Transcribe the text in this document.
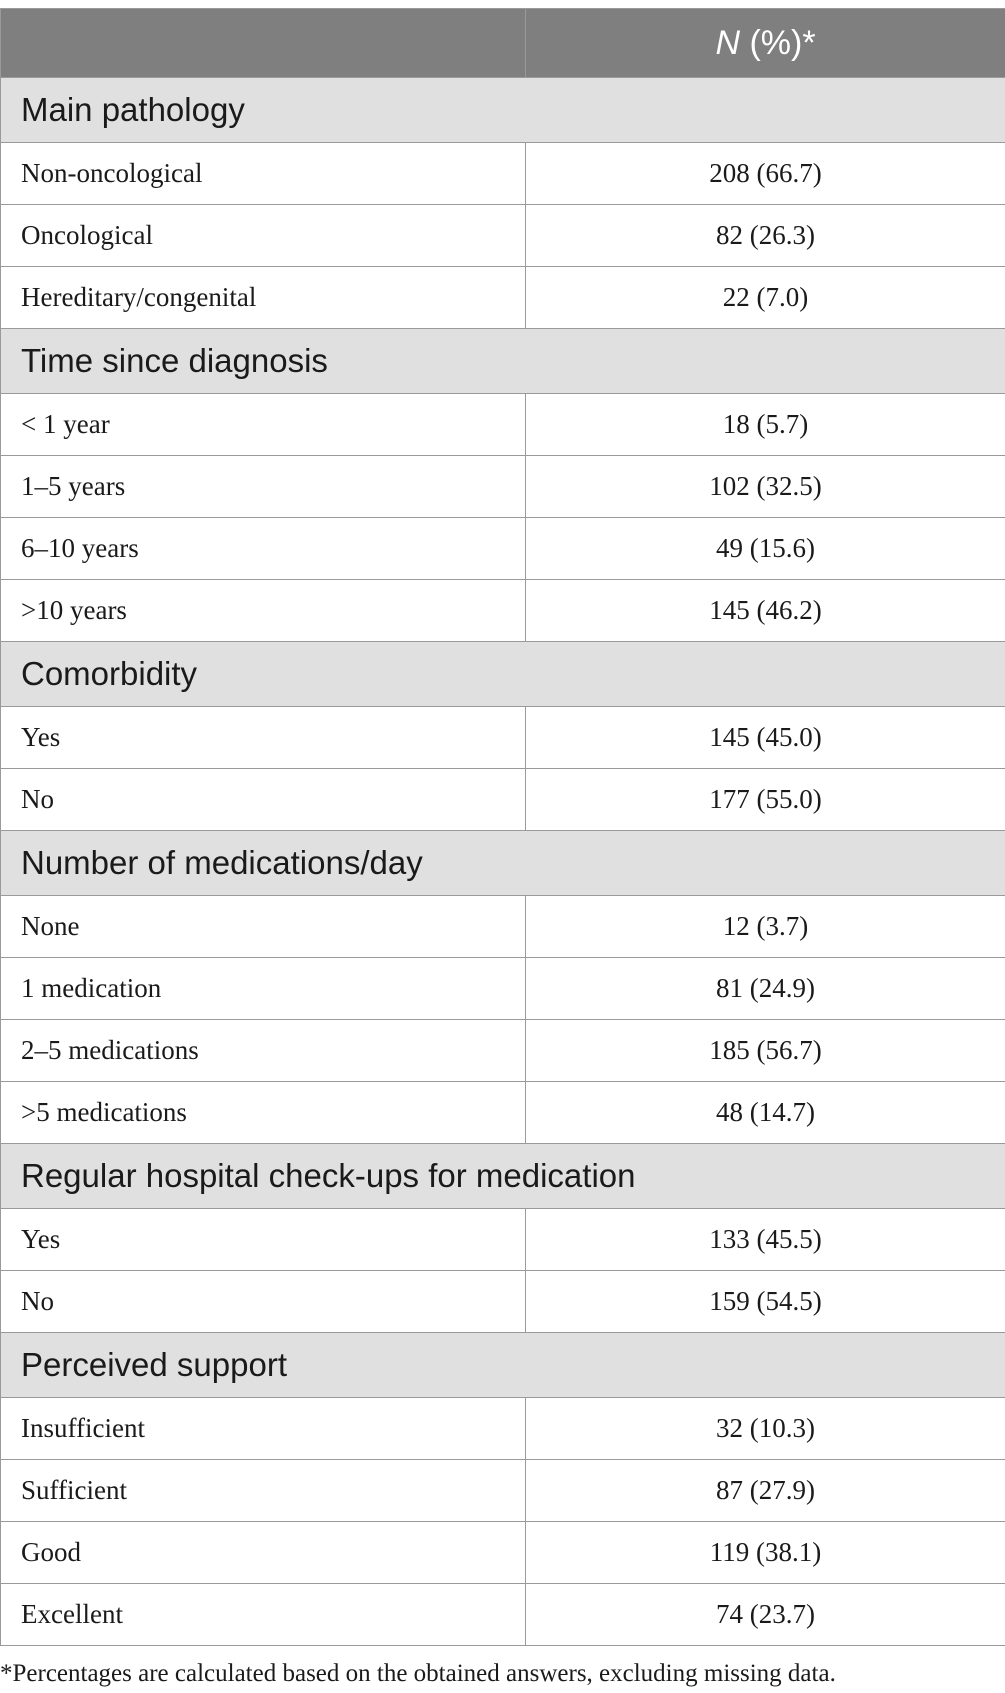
	N (%)*
Main pathology	
Non-oncological	208 (66.7)
Oncological	82 (26.3)
Hereditary/congenital	22 (7.0)
Time since diagnosis	
< 1 year	18 (5.7)
1–5 years	102 (32.5)
6–10 years	49 (15.6)
>10 years	145 (46.2)
Comorbidity	
Yes	145 (45.0)
No	177 (55.0)
Number of medications/day	
None	12 (3.7)
1 medication	81 (24.9)
2–5 medications	185 (56.7)
>5 medications	48 (14.7)
Regular hospital check-ups for medication	
Yes	133 (45.5)
No	159 (54.5)
Perceived support	
Insufficient	32 (10.3)
Sufficient	87 (27.9)
Good	119 (38.1)
Excellent	74 (23.7)
*Percentages are calculated based on the obtained answers, excluding missing data.
